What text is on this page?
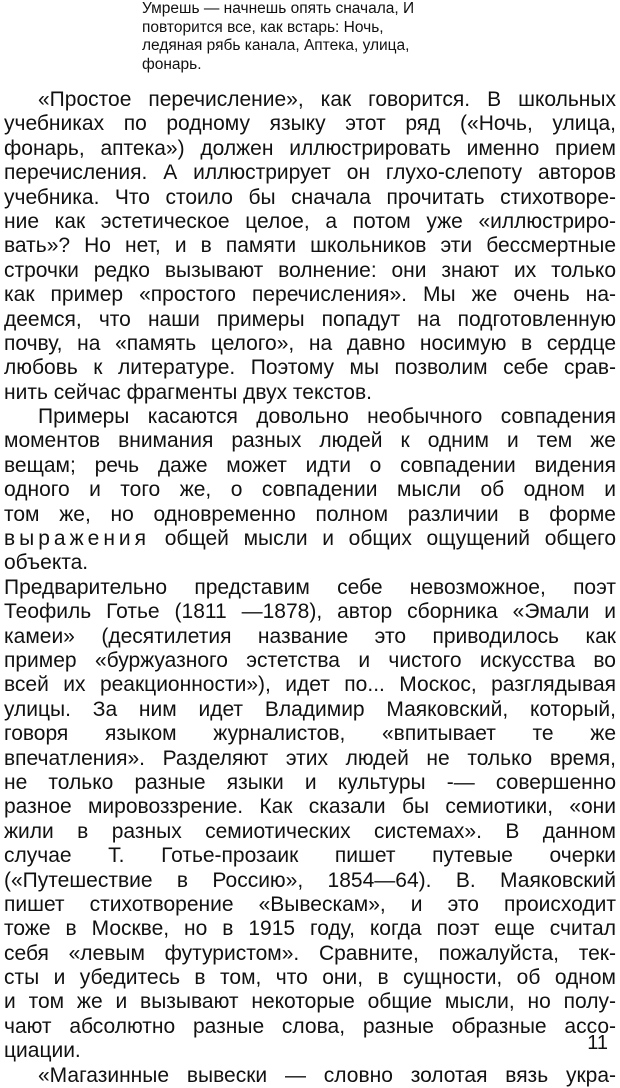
Умрешь — начнешь опять сначала, И
повторится все, как встарь: Ночь,
ледяная рябь канала, Аптека, улица,
фонарь.
«Простое перечисление», как говорится. В школьных
учебниках по родному языку этот ряд («Ночь, улица,
фонарь, аптека») должен иллюстрировать именно прием
перечисления. А иллюстрирует он глухо-слепоту авторов
учебника. Что стоило бы сначала прочитать стихотворе-
ние как эстетическое целое, а потом уже «иллюстриро-
вать»? Но нет, и в памяти школьников эти бессмертные
строчки редко вызывают волнение: они знают их только
как пример «простого перечисления». Мы же очень на-
деемся, что наши примеры попадут на подготовленную
почву, на «память целого», на давно носимую в сердце
любовь к литературе. Поэтому мы позволим себе срав-
нить сейчас фрагменты двух текстов.
Примеры касаются довольно необычного совпадения
моментов внимания разных людей к одним и тем же
вещам; речь даже может идти о совпадении видения
одного и того же, о совпадении мысли об одном и
том же, но одновременно полном различии в форме
выражения общей мысли и общих ощущений общего
объекта.
Предварительно представим себе невозможное, поэт
Теофиль Готье (1811 —1878), автор сборника «Эмали и
камеи» (десятилетия название это приводилось как
пример «буржуазного эстетства и чистого искусства во
всей их реакционности»), идет по... Москос, разглядывая
улицы. За ним идет Владимир Маяковский, который,
говоря языком журналистов, «впитывает те же
впечатления». Разделяют этих людей не только время,
не только разные языки и культуры -— совершенно
разное мировоззрение. Как сказали бы семиотики, «они
жили в разных семиотических системах». В данном
случае Т. Готье-прозаик пишет путевые очерки
(«Путешествие в Россию», 1854—64). В. Маяковский
пишет стихотворение «Вывескам», и это происходит
тоже в Москве, но в 1915 году, когда поэт еще считал
себя «левым футуристом». Сравните, пожалуйста, тек-
сты и убедитесь в том, что они, в сущности, об одном
и том же и вызывают некоторые общие мысли, но полу-
чают абсолютно разные слова, разные образные ассо-
циации.
«Магазинные вывески — словно золотая вязь укра-
11
